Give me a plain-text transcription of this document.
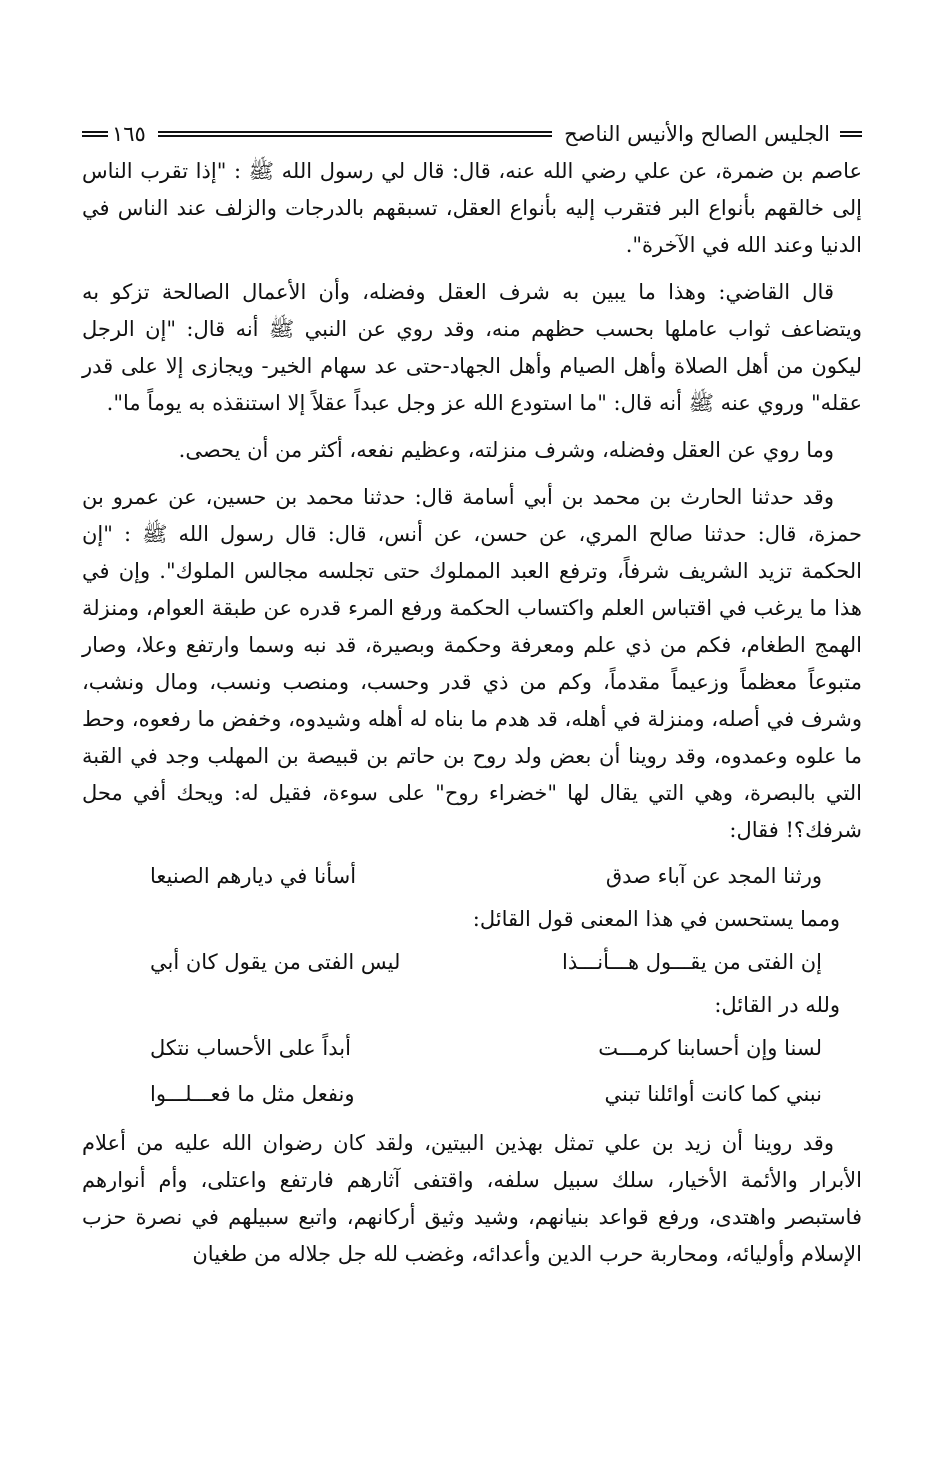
الجليس الصالح والأنيس الناصح
١٦٥

عاصم بن ضمرة، عن علي رضي الله عنه، قال: قال لي رسول الله ﷺ : "إذا تقرب الناس إلى خالقهم بأنواع البر فتقرب إليه بأنواع العقل، تسبقهم بالدرجات والزلف عند الناس في الدنيا وعند الله في الآخرة".

قال القاضي: وهذا ما يبين به شرف العقل وفضله، وأن الأعمال الصالحة تزكو به ويتضاعف ثواب عاملها بحسب حظهم منه، وقد روي عن النبي ﷺ أنه قال: "إن الرجل ليكون من أهل الصلاة وأهل الصيام وأهل الجهاد-حتى عد سهام الخير- ويجازى إلا على قدر عقله" وروي عنه ﷺ أنه قال: "ما استودع الله عز وجل عبداً عقلاً إلا استنقذه به يوماً ما".

وما روي عن العقل وفضله، وشرف منزلته، وعظيم نفعه، أكثر من أن يحصى.

وقد حدثنا الحارث بن محمد بن أبي أسامة قال: حدثنا محمد بن حسين، عن عمرو بن حمزة، قال: حدثنا صالح المري، عن حسن، عن أنس، قال: قال رسول الله ﷺ : "إن الحكمة تزيد الشريف شرفاً، وترفع العبد المملوك حتى تجلسه مجالس الملوك". وإن في هذا ما يرغب في اقتباس العلم واكتساب الحكمة ورفع المرء قدره عن طبقة العوام، ومنزلة الهمج الطغام، فكم من ذي علم ومعرفة وحكمة وبصيرة، قد نبه وسما وارتفع وعلا، وصار متبوعاً معظماً وزعيماً مقدماً، وكم من ذي قدر وحسب، ومنصب ونسب، ومال ونشب، وشرف في أصله، ومنزلة في أهله، قد هدم ما بناه له أهله وشيدوه، وخفض ما رفعوه، وحط ما علوه وعمدوه، وقد روينا أن بعض ولد روح بن حاتم بن قبيصة بن المهلب وجد في القبة التي بالبصرة، وهي التي يقال لها "خضراء روح" على سوءة، فقيل له: ويحك أفي محل شرفك؟! فقال:

ورثنا المجد عن آباء صدق
أسأنا في ديارهم الصنيعا

ومما يستحسن في هذا المعنى قول القائل:

إن الفتى من يقـــول هـــأنـــذا
ليس الفتى من يقول كان أبي

ولله در القائل:

لسنا وإن أحسابنا كرمـــت
أبداً على الأحساب نتكل
نبني كما كانت أوائلنا تبني
ونفعل مثل ما فعـــلـــوا

وقد روينا أن زيد بن علي تمثل بهذين البيتين، ولقد كان رضوان الله عليه من أعلام الأبرار والأئمة الأخيار، سلك سبيل سلفه، واقتفى آثارهم فارتفع واعتلى، وأم أنوارهم فاستبصر واهتدى، ورفع قواعد بنيانهم، وشيد وثيق أركانهم، واتبع سبيلهم في نصرة حزب الإسلام وأوليائه، ومحاربة حرب الدين وأعدائه، وغضب لله جل جلاله من طغيان
